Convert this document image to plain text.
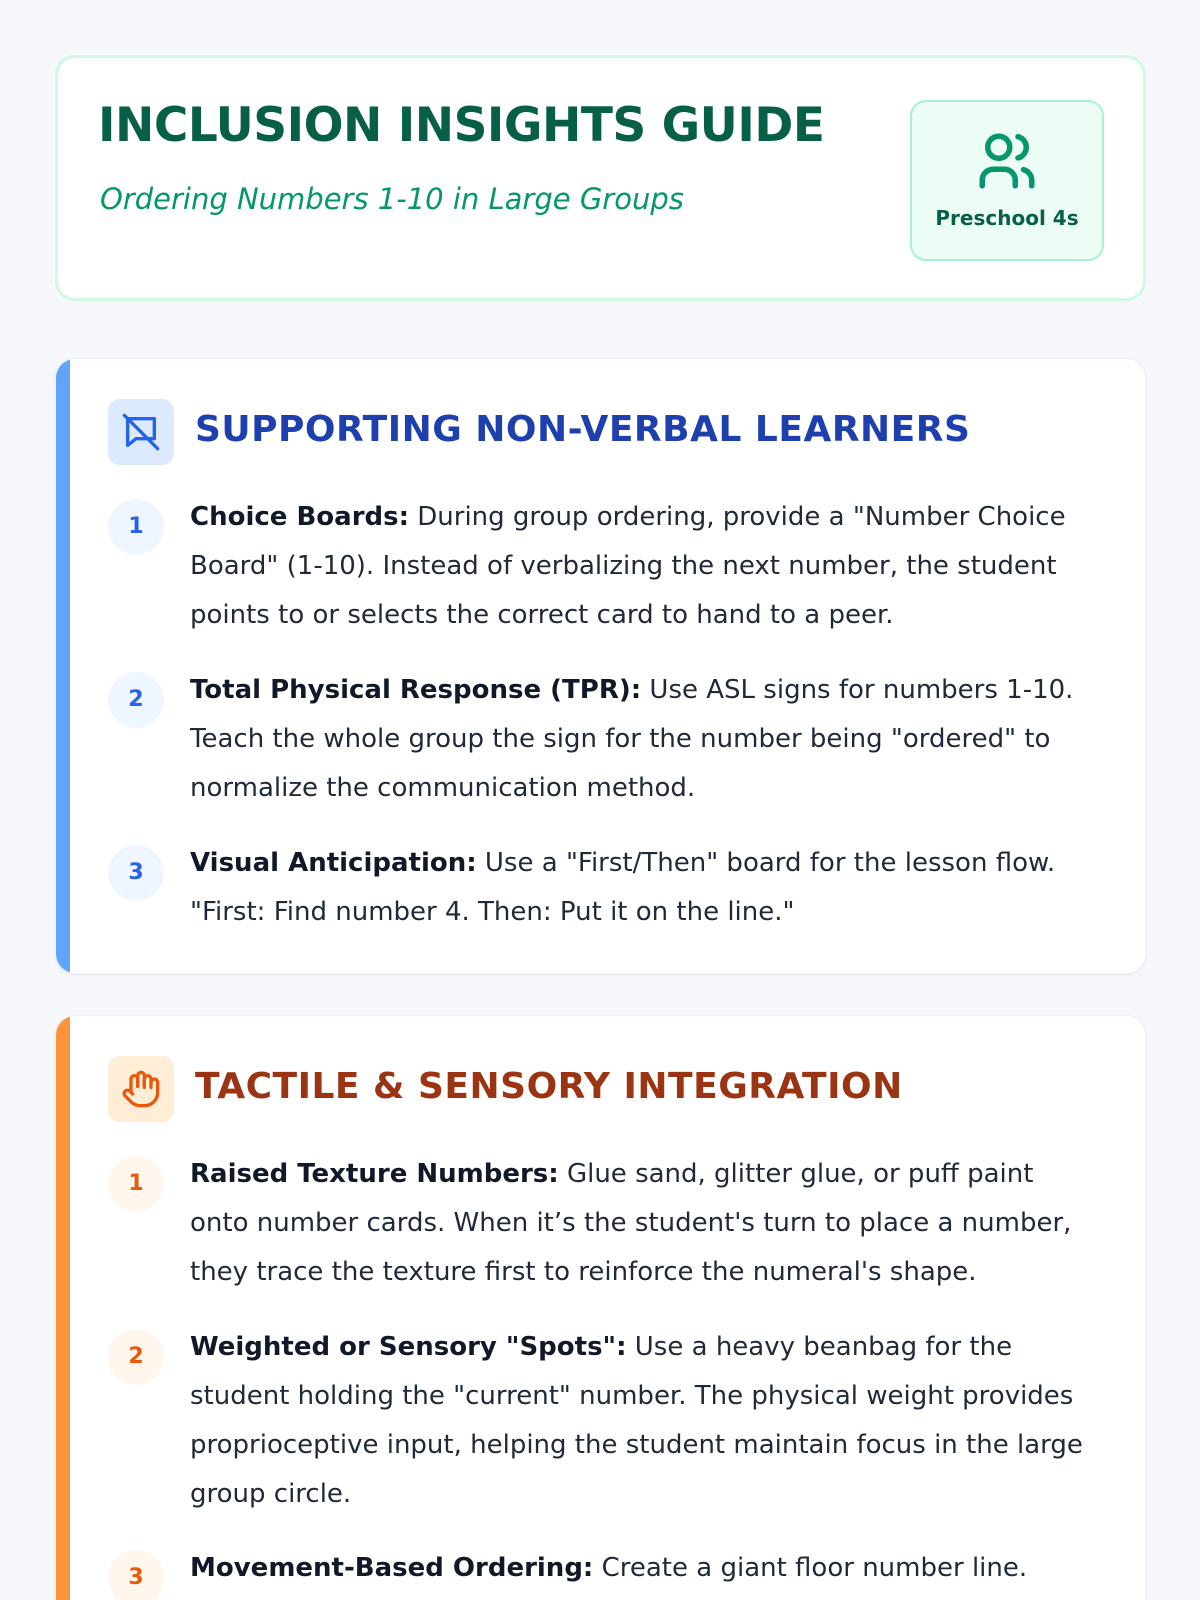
INCLUSION INSIGHTS GUIDE
Ordering Numbers 1-10 in Large Groups
Preschool 4s
SUPPORTING NON-VERBAL LEARNERS
1	Choice Boards: During group ordering, provide a "Number Choice Board" (1-10). Instead of verbalizing the next number, the student points to or selects the correct card to hand to a peer.
2	Total Physical Response (TPR): Use ASL signs for numbers 1-10. Teach the whole group the sign for the number being "ordered" to normalize the communication method.
3	Visual Anticipation: Use a "First/Then" board for the lesson flow. "First: Find number 4. Then: Put it on the line."
TACTILE & SENSORY INTEGRATION
1	Raised Texture Numbers: Glue sand, glitter glue, or puff paint onto number cards. When it’s the student's turn to place a number, they trace the texture first to reinforce the numeral's shape.
2	Weighted or Sensory "Spots": Use a heavy beanbag for the student holding the "current" number. The physical weight provides proprioceptive input, helping the student maintain focus in the large group circle.
3	Movement-Based Ordering: Create a giant floor number line.
